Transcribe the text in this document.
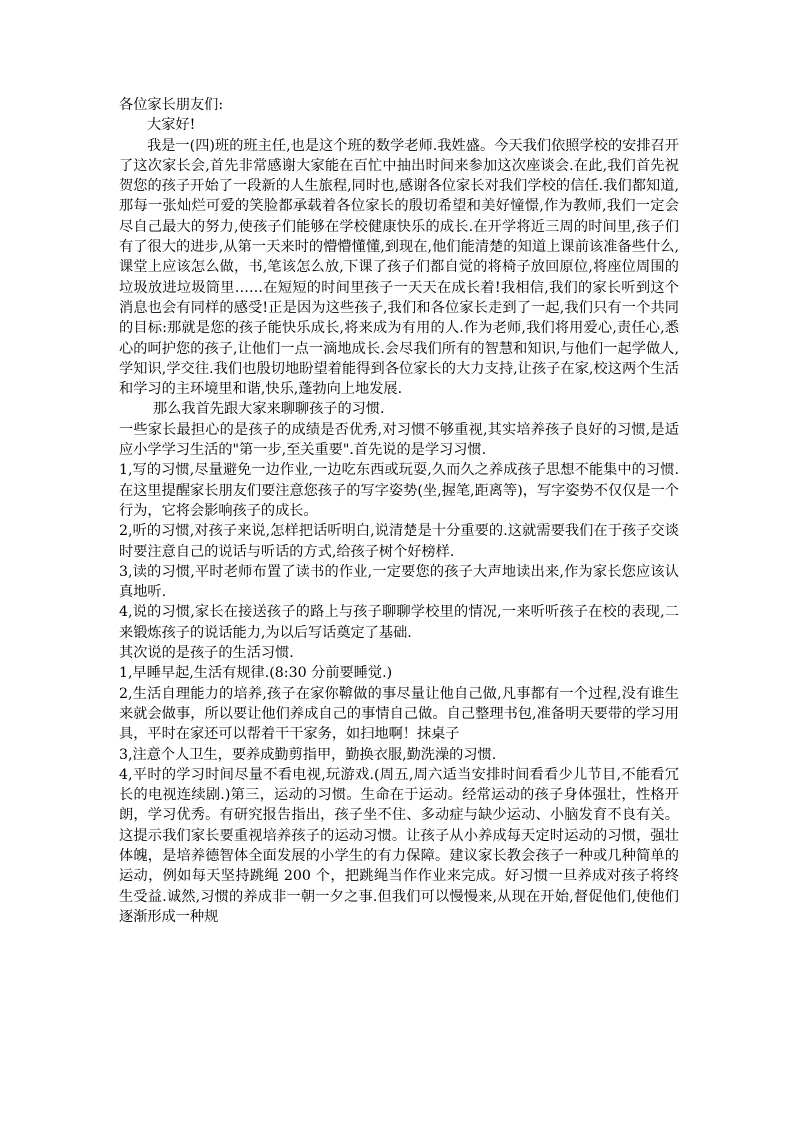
各位家长朋友们:

大家好!

我是一(四)班的班主任,也是这个班的数学老师.我姓盛。今天我们依照学校的安排召开了这次家长会,首先非常感谢大家能在百忙中抽出时间来参加这次座谈会.在此,我们首先祝贺您的孩子开始了一段新的人生旅程,同时也,感谢各位家长对我们学校的信任.我们都知道,那每一张灿烂可爱的笑脸都承载着各位家长的殷切希望和美好憧憬,作为教师,我们一定会尽自己最大的努力,使孩子们能够在学校健康快乐的成长.在开学将近三周的时间里,孩子们有了很大的进步,从第一天来时的懵懵懂懂,到现在,他们能清楚的知道上课前该准备些什么,课堂上应该怎么做，书,笔该怎么放,下课了孩子们都自觉的将椅子放回原位,将座位周围的垃圾放进垃圾筒里……在短短的时间里孩子一天天在成长着!我相信,我们的家长听到这个消息也会有同样的感受!正是因为这些孩子,我们和各位家长走到了一起,我们只有一个共同的目标:那就是您的孩子能快乐成长,将来成为有用的人.作为老师,我们将用爱心,责任心,悉心的呵护您的孩子,让他们一点一滴地成长.会尽我们所有的智慧和知识,与他们一起学做人,学知识,学交往.我们也殷切地盼望着能得到各位家长的大力支持,让孩子在家,校这两个生活和学习的主环境里和谐,快乐,蓬勃向上地发展.

那么我首先跟大家来聊聊孩子的习惯.

一些家长最担心的是孩子的成绩是否优秀,对习惯不够重视,其实培养孩子良好的习惯,是适应小学学习生活的"第一步,至关重要".首先说的是学习习惯.

1,写的习惯,尽量避免一边作业,一边吃东西或玩耍,久而久之养成孩子思想不能集中的习惯.在这里提醒家长朋友们要注意您孩子的写字姿势(坐,握笔,距离等)，写字姿势不仅仅是一个行为，它将会影响孩子的成长。

2,听的习惯,对孩子来说,怎样把话听明白,说清楚是十分重要的.这就需要我们在于孩子交谈时要注意自己的说话与听话的方式,给孩子树个好榜样.

3,读的习惯,平时老师布置了读书的作业,一定要您的孩子大声地读出来,作为家长您应该认真地听.

4,说的习惯,家长在接送孩子的路上与孩子聊聊学校里的情况,一来听听孩子在校的表现,二来锻炼孩子的说话能力,为以后写话奠定了基础.

其次说的是孩子的生活习惯.

1,早睡早起,生活有规律.(8:30 分前要睡觉.)

2,生活自理能力的培养,孩子在家你鞥做的事尽量让他自己做,凡事都有一个过程,没有谁生来就会做事，所以要让他们养成自己的事情自己做。自己整理书包,准备明天要带的学习用具，平时在家还可以帮着干干家务，如扫地啊！抹桌子

3,注意个人卫生，要养成勤剪指甲，勤换衣服,勤洗澡的习惯.

4,平时的学习时间尽量不看电视,玩游戏.(周五,周六适当安排时间看看少儿节目,不能看冗长的电视连续剧.)第三，运动的习惯。生命在于运动。经常运动的孩子身体强壮，性格开朗，学习优秀。有研究报告指出，孩子坐不住、多动症与缺少运动、小脑发育不良有关。这提示我们家长要重视培养孩子的运动习惯。让孩子从小养成每天定时运动的习惯，强壮体魄，是培养德智体全面发展的小学生的有力保障。建议家长教会孩子一种或几种简单的运动，例如每天坚持跳绳 200 个，把跳绳当作作业来完成。好习惯一旦养成对孩子将终生受益.诚然,习惯的养成非一朝一夕之事.但我们可以慢慢来,从现在开始,督促他们,使他们逐渐形成一种规
